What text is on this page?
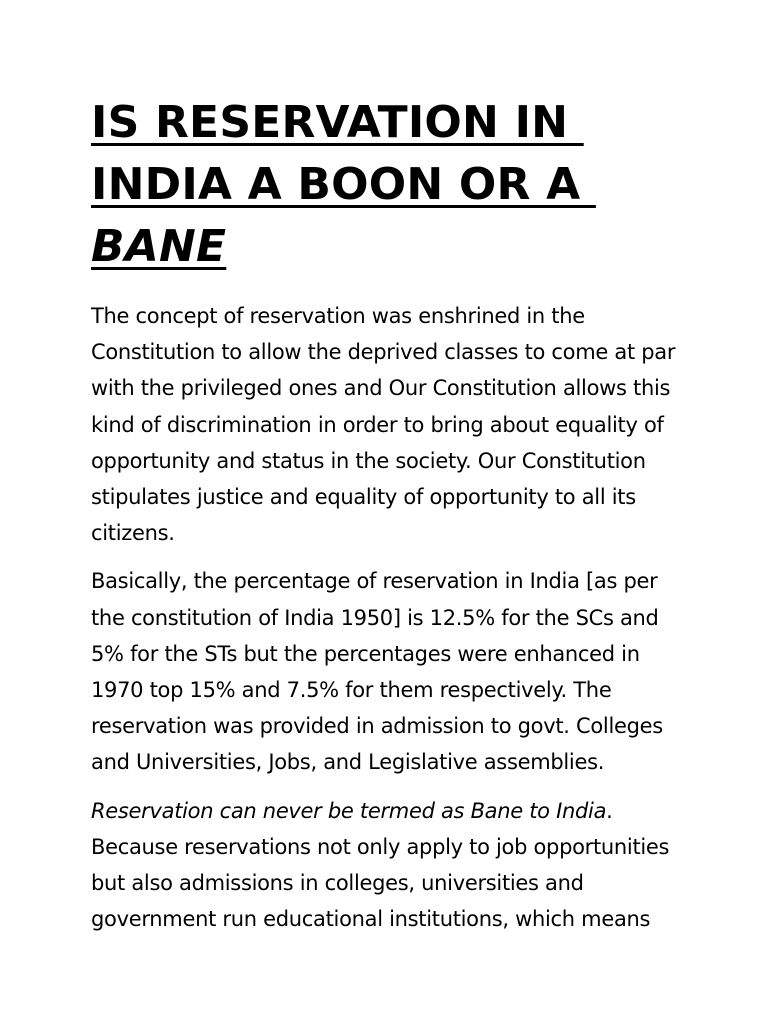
IS RESERVATION IN
INDIA A BOON OR A
BANE

The concept of reservation was enshrined in the
Constitution to allow the deprived classes to come at par
with the privileged ones and Our Constitution allows this
kind of discrimination in order to bring about equality of
opportunity and status in the society. Our Constitution
stipulates justice and equality of opportunity to all its
citizens.

Basically, the percentage of reservation in India [as per
the constitution of India 1950] is 12.5% for the SCs and
5% for the STs but the percentages were enhanced in
1970 top 15% and 7.5% for them respectively. The
reservation was provided in admission to govt. Colleges
and Universities, Jobs, and Legislative assemblies.

Reservation can never be termed as Bane to India.
Because reservations not only apply to job opportunities
but also admissions in colleges, universities and
government run educational institutions, which means
